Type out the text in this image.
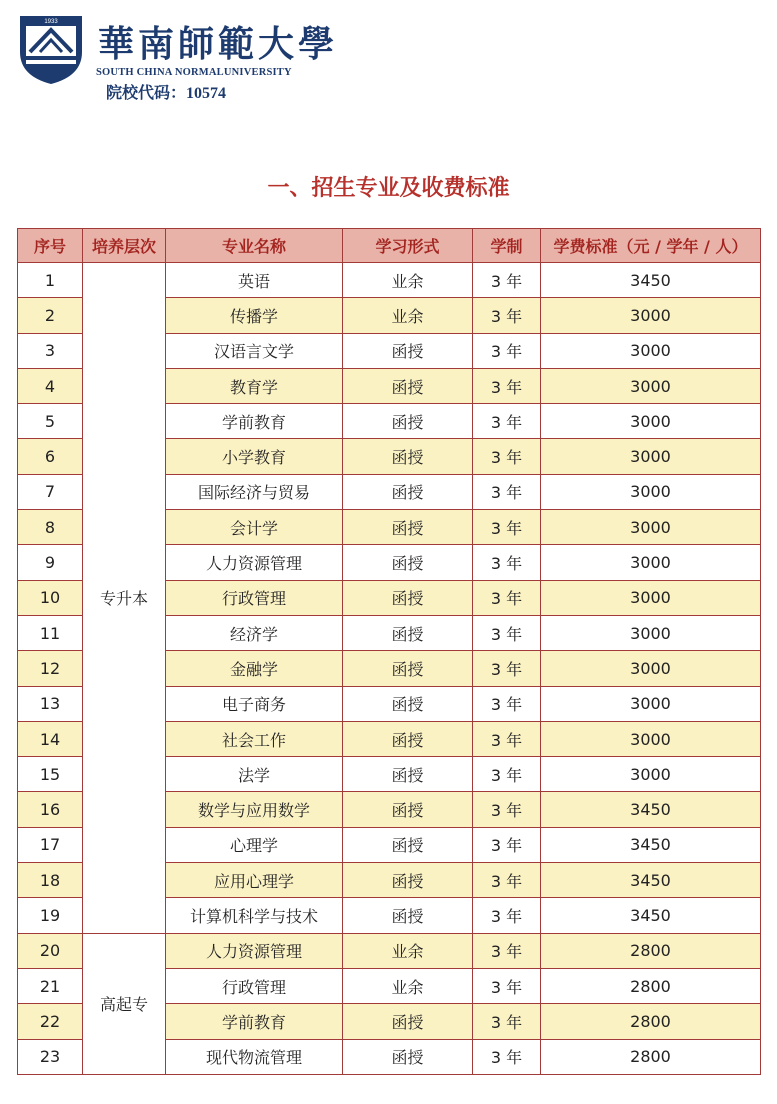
1933
華南師範大學
SOUTH CHINA NORMALUNIVERSITY
院校代码：10574
一、招生专业及收费标准
序号	培养层次	专业名称	学习形式	学制	学费标准（元 / 学年 / 人）
1	专升本	英语	业余	3 年	3450
2		传播学	业余	3 年	3000
3		汉语言文学	函授	3 年	3000
4		教育学	函授	3 年	3000
5		学前教育	函授	3 年	3000
6		小学教育	函授	3 年	3000
7		国际经济与贸易	函授	3 年	3000
8		会计学	函授	3 年	3000
9		人力资源管理	函授	3 年	3000
10		行政管理	函授	3 年	3000
11		经济学	函授	3 年	3000
12		金融学	函授	3 年	3000
13		电子商务	函授	3 年	3000
14		社会工作	函授	3 年	3000
15		法学	函授	3 年	3000
16		数学与应用数学	函授	3 年	3450
17		心理学	函授	3 年	3450
18		应用心理学	函授	3 年	3450
19		计算机科学与技术	函授	3 年	3450
20	高起专	人力资源管理	业余	3 年	2800
21		行政管理	业余	3 年	2800
22		学前教育	函授	3 年	2800
23		现代物流管理	函授	3 年	2800
